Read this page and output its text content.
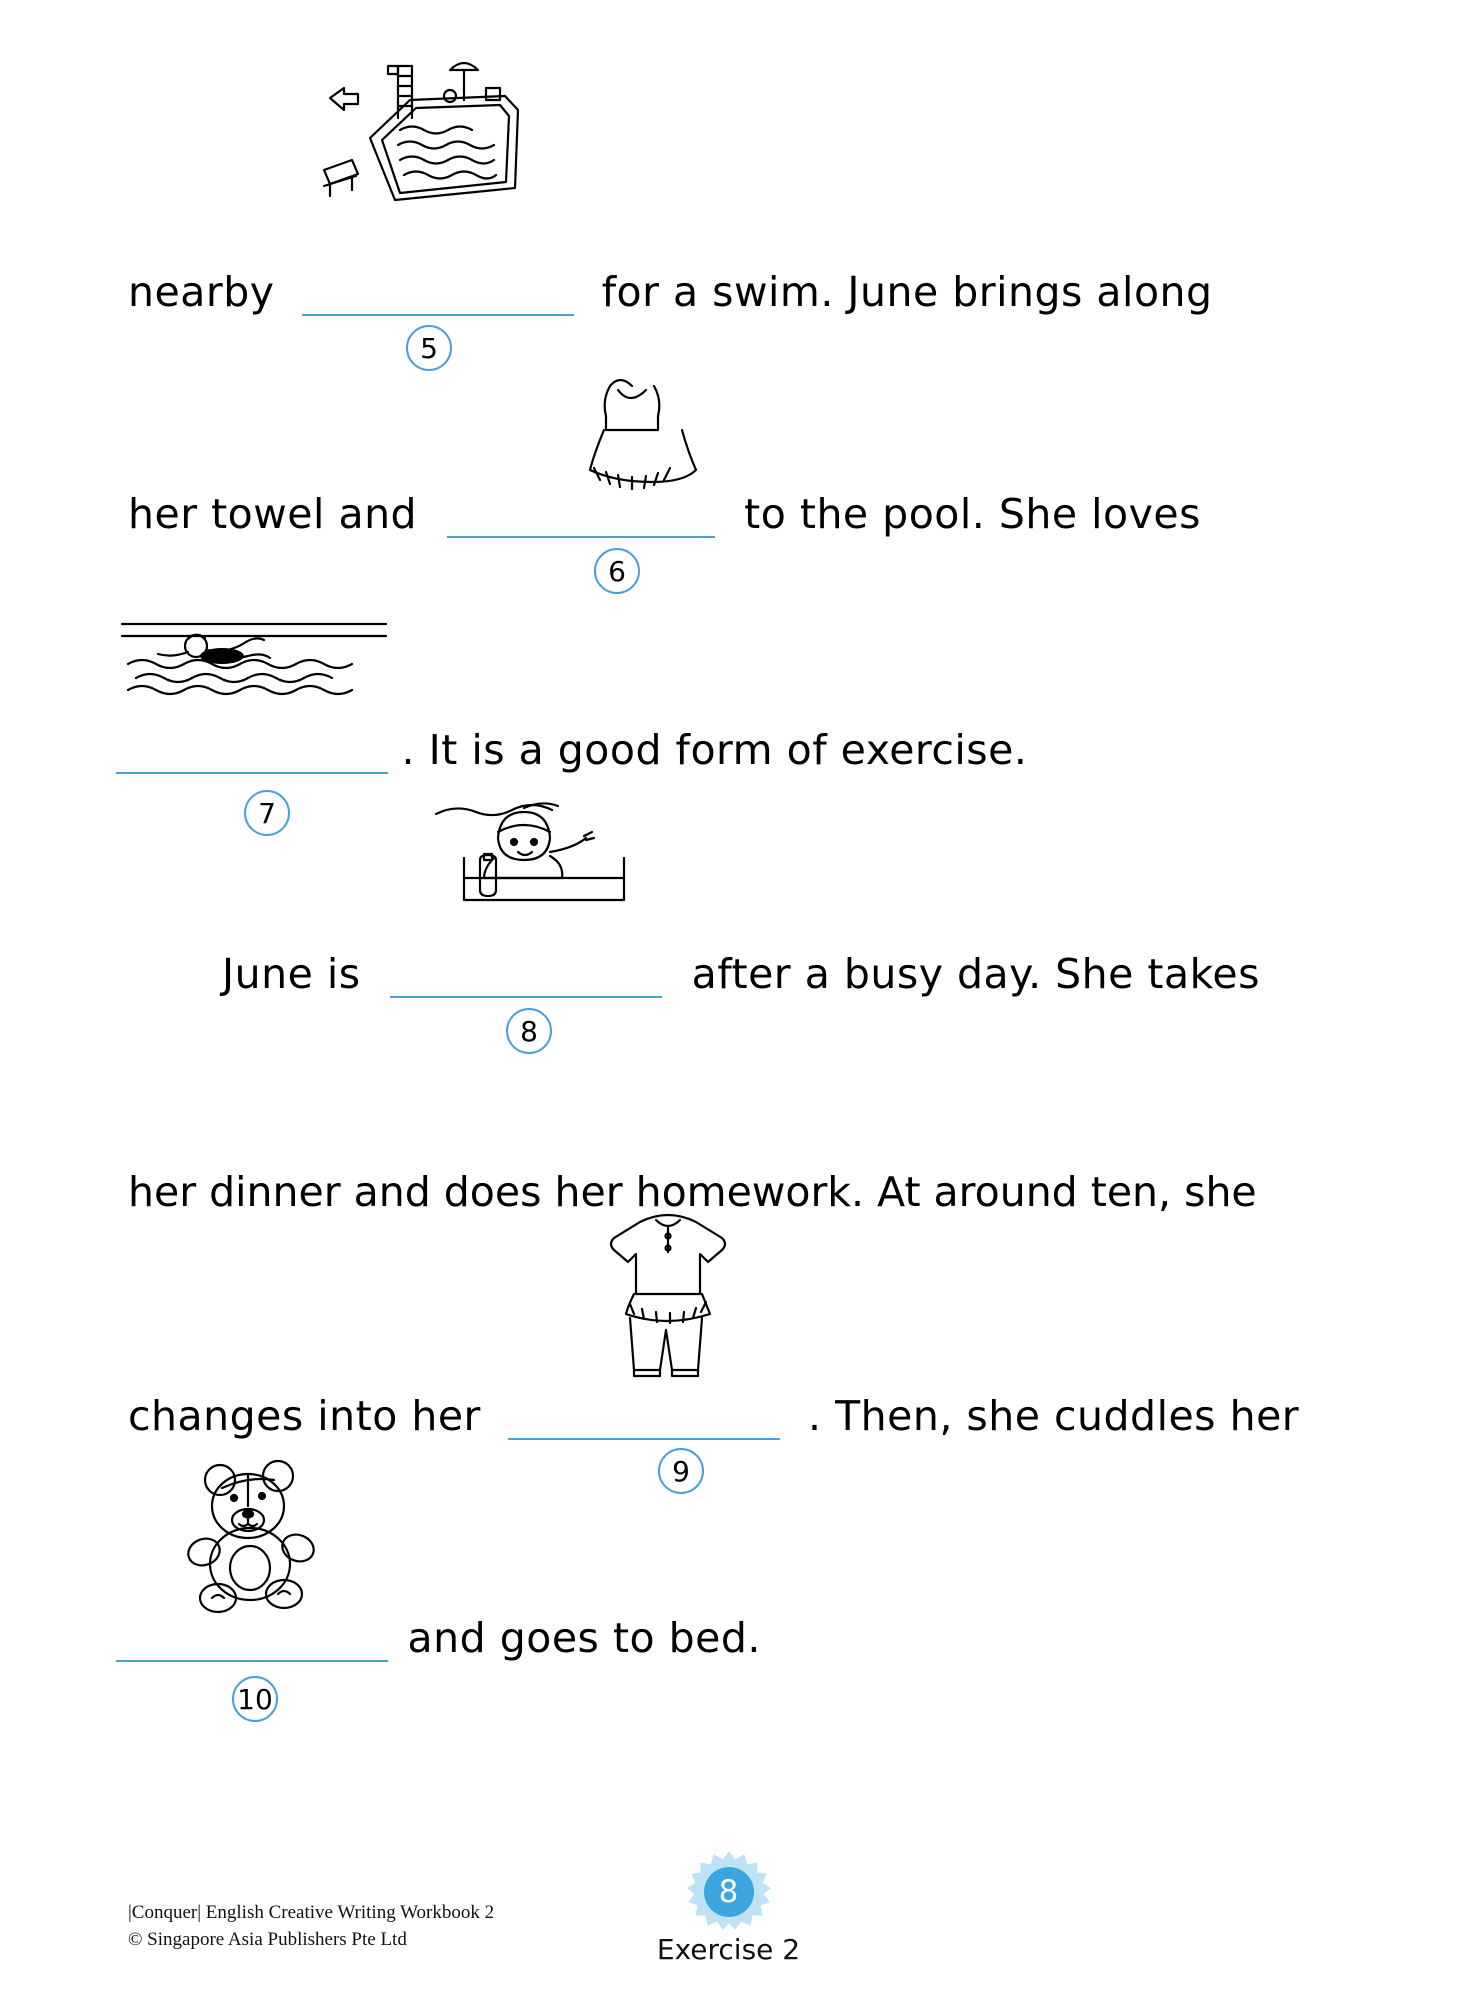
nearby	for a swim. June brings along
5
her towel and	to the pool. She loves
6
. It is a good form of exercise.
7
June is	after a busy day. She takes
8
her dinner and does her homework. At around ten, she
changes into her	. Then, she cuddles her
9
and goes to bed.
10
|Conquer| English Creative Writing Workbook 2
© Singapore Asia Publishers Pte Ltd
8
Exercise 2
